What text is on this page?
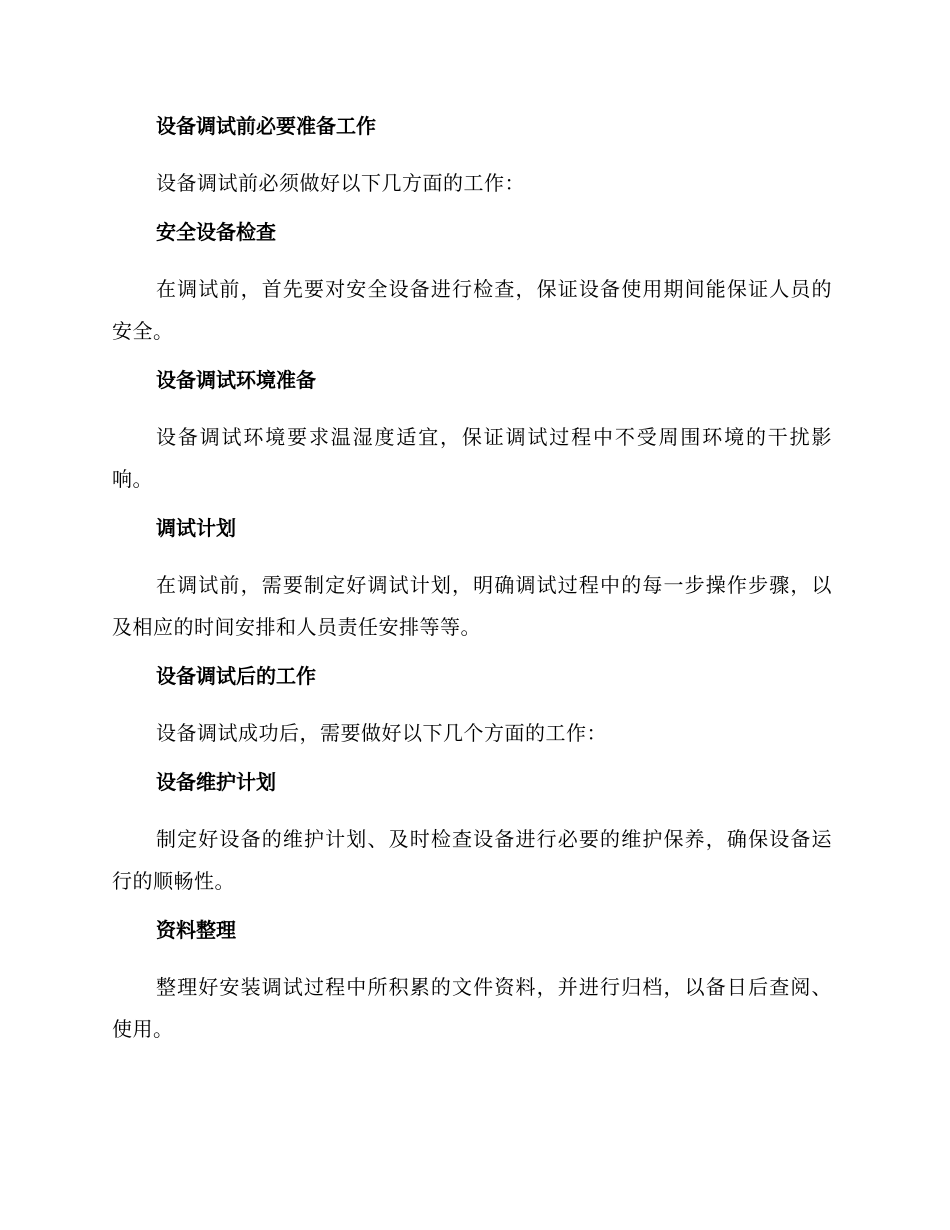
设备调试前必要准备工作
设备调试前必须做好以下几方面的工作：
安全设备检查
在调试前，首先要对安全设备进行检查，保证设备使用期间能保证人员的安全。
设备调试环境准备
设备调试环境要求温湿度适宜，保证调试过程中不受周围环境的干扰影响。
调试计划
在调试前，需要制定好调试计划，明确调试过程中的每一步操作步骤，以及相应的时间安排和人员责任安排等等。
设备调试后的工作
设备调试成功后，需要做好以下几个方面的工作：
设备维护计划
制定好设备的维护计划、及时检查设备进行必要的维护保养，确保设备运行的顺畅性。
资料整理
整理好安装调试过程中所积累的文件资料，并进行归档，以备日后查阅、使用。
